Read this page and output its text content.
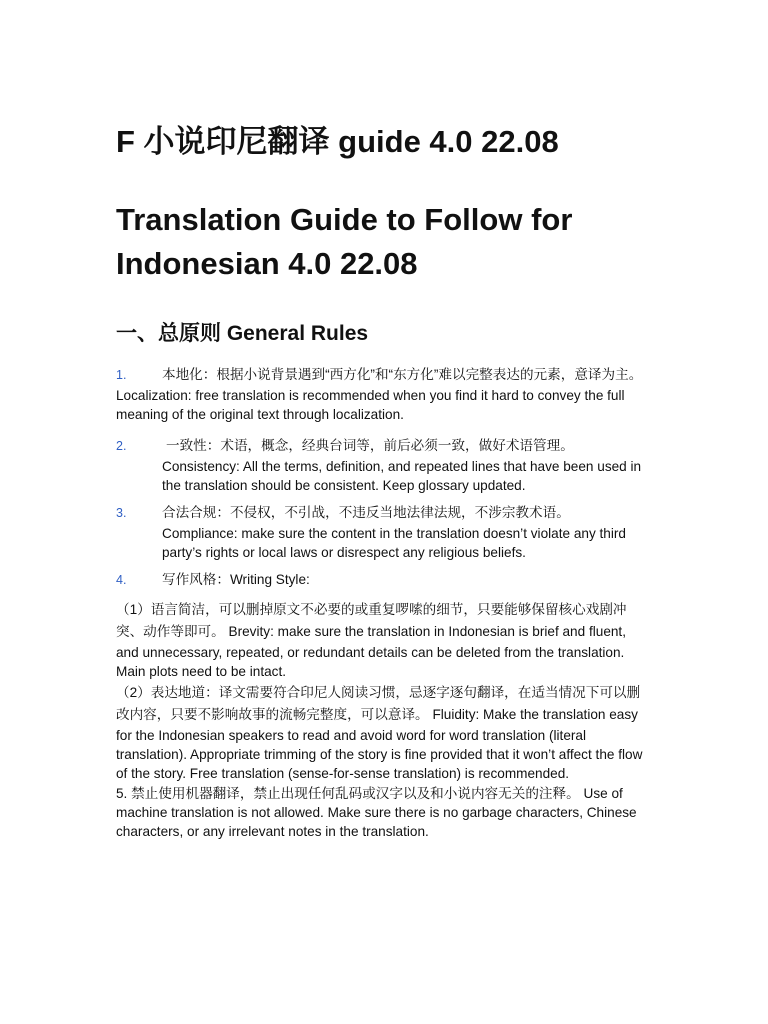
F 小说印尼翻译 guide 4.0 22.08
Translation Guide to Follow for Indonesian 4.0 22.08
一、总原则 General Rules

1.	本地化：根据小说背景遇到“西方化”和“东方化”难以完整表达的元素，意译为主。 Localization: free translation is recommended when you find it hard to convey the full meaning of the original text through localization.

2.	一致性：术语，概念，经典台词等，前后必须一致，做好术语管理。
Consistency: All the terms, definition, and repeated lines that have been used in the translation should be consistent. Keep glossary updated.

3.	合法合规：不侵权，不引战，不违反当地法律法规，不涉宗教术语。
Compliance: make sure the content in the translation doesn’t violate any third party’s rights or local laws or disrespect any religious beliefs.

4.	写作风格：Writing Style:

（1）语言简洁，可以删掉原文不必要的或重复啰嗦的细节，只要能够保留核心戏剧冲突、动作等即可。 Brevity: make sure the translation in Indonesian is brief and fluent, and unnecessary, repeated, or redundant details can be deleted from the translation. Main plots need to be intact.

（2）表达地道：译文需要符合印尼人阅读习惯，忌逐字逐句翻译，在适当情况下可以删改内容，只要不影响故事的流畅完整度，可以意译。 Fluidity: Make the translation easy for the Indonesian speakers to read and avoid word for word translation (literal translation). Appropriate trimming of the story is fine provided that it won’t affect the flow of the story. Free translation (sense-for-sense translation) is recommended.

5. 禁止使用机器翻译，禁止出现任何乱码或汉字以及和小说内容无关的注释。 Use of machine translation is not allowed. Make sure there is no garbage characters, Chinese characters, or any irrelevant notes in the translation.
